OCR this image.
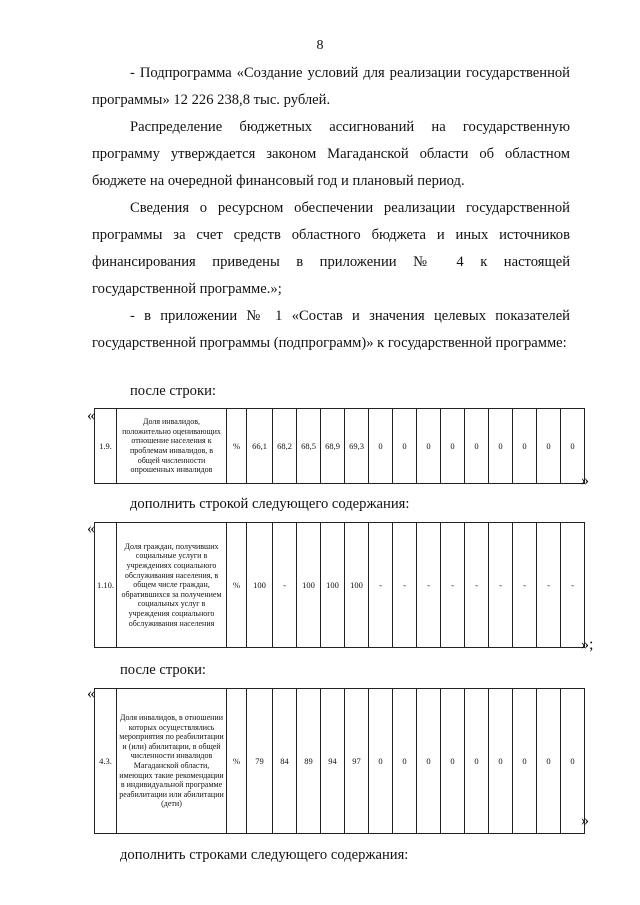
8
- Подпрограмма «Создание условий для реализации государственной программы» 12 226 238,8 тыс. рублей.
Распределение бюджетных ассигнований на государственную программу утверждается законом Магаданской области об областном бюджете на очередной финансовый год и плановый период.
Сведения о ресурсном обеспечении реализации государственной программы за счет средств областного бюджета и иных источников финансирования приведены в приложении № 4 к настоящей государственной программе.»;
- в приложении № 1 «Состав и значения целевых показателей государственной программы (подпрограмм)» к государственной программе:
после строки:
«
1.9.	Доля инвалидов, положительно оценивающих отношение населения к проблемам инвалидов, в общей численности опрошенных инвалидов	%	66,1	68,2	68,5	68,9	69,3	0	0	0	0	0	0	0	0	0
»
дополнить строкой следующего содержания:
«
1.10.	Доля граждан, получивших социальные услуги в учреждениях социального обслуживания населения, в общем числе граждан, обратившихся за получением социальных услуг в учреждения социального обслуживания населения	%	100	-	100	100	100	-	-	-	-	-	-	-	-	-
»;
после строки:
«
4.3.	Доля инвалидов, в отношении которых осуществлялись мероприятия по реабилитации и (или) абилитации, в общей численности инвалидов Магаданской области, имеющих такие рекомендации в индивидуальной программе реабилитации или абилитации (дети)	%	79	84	89	94	97	0	0	0	0	0	0	0	0	0
»
дополнить строками следующего содержания:
